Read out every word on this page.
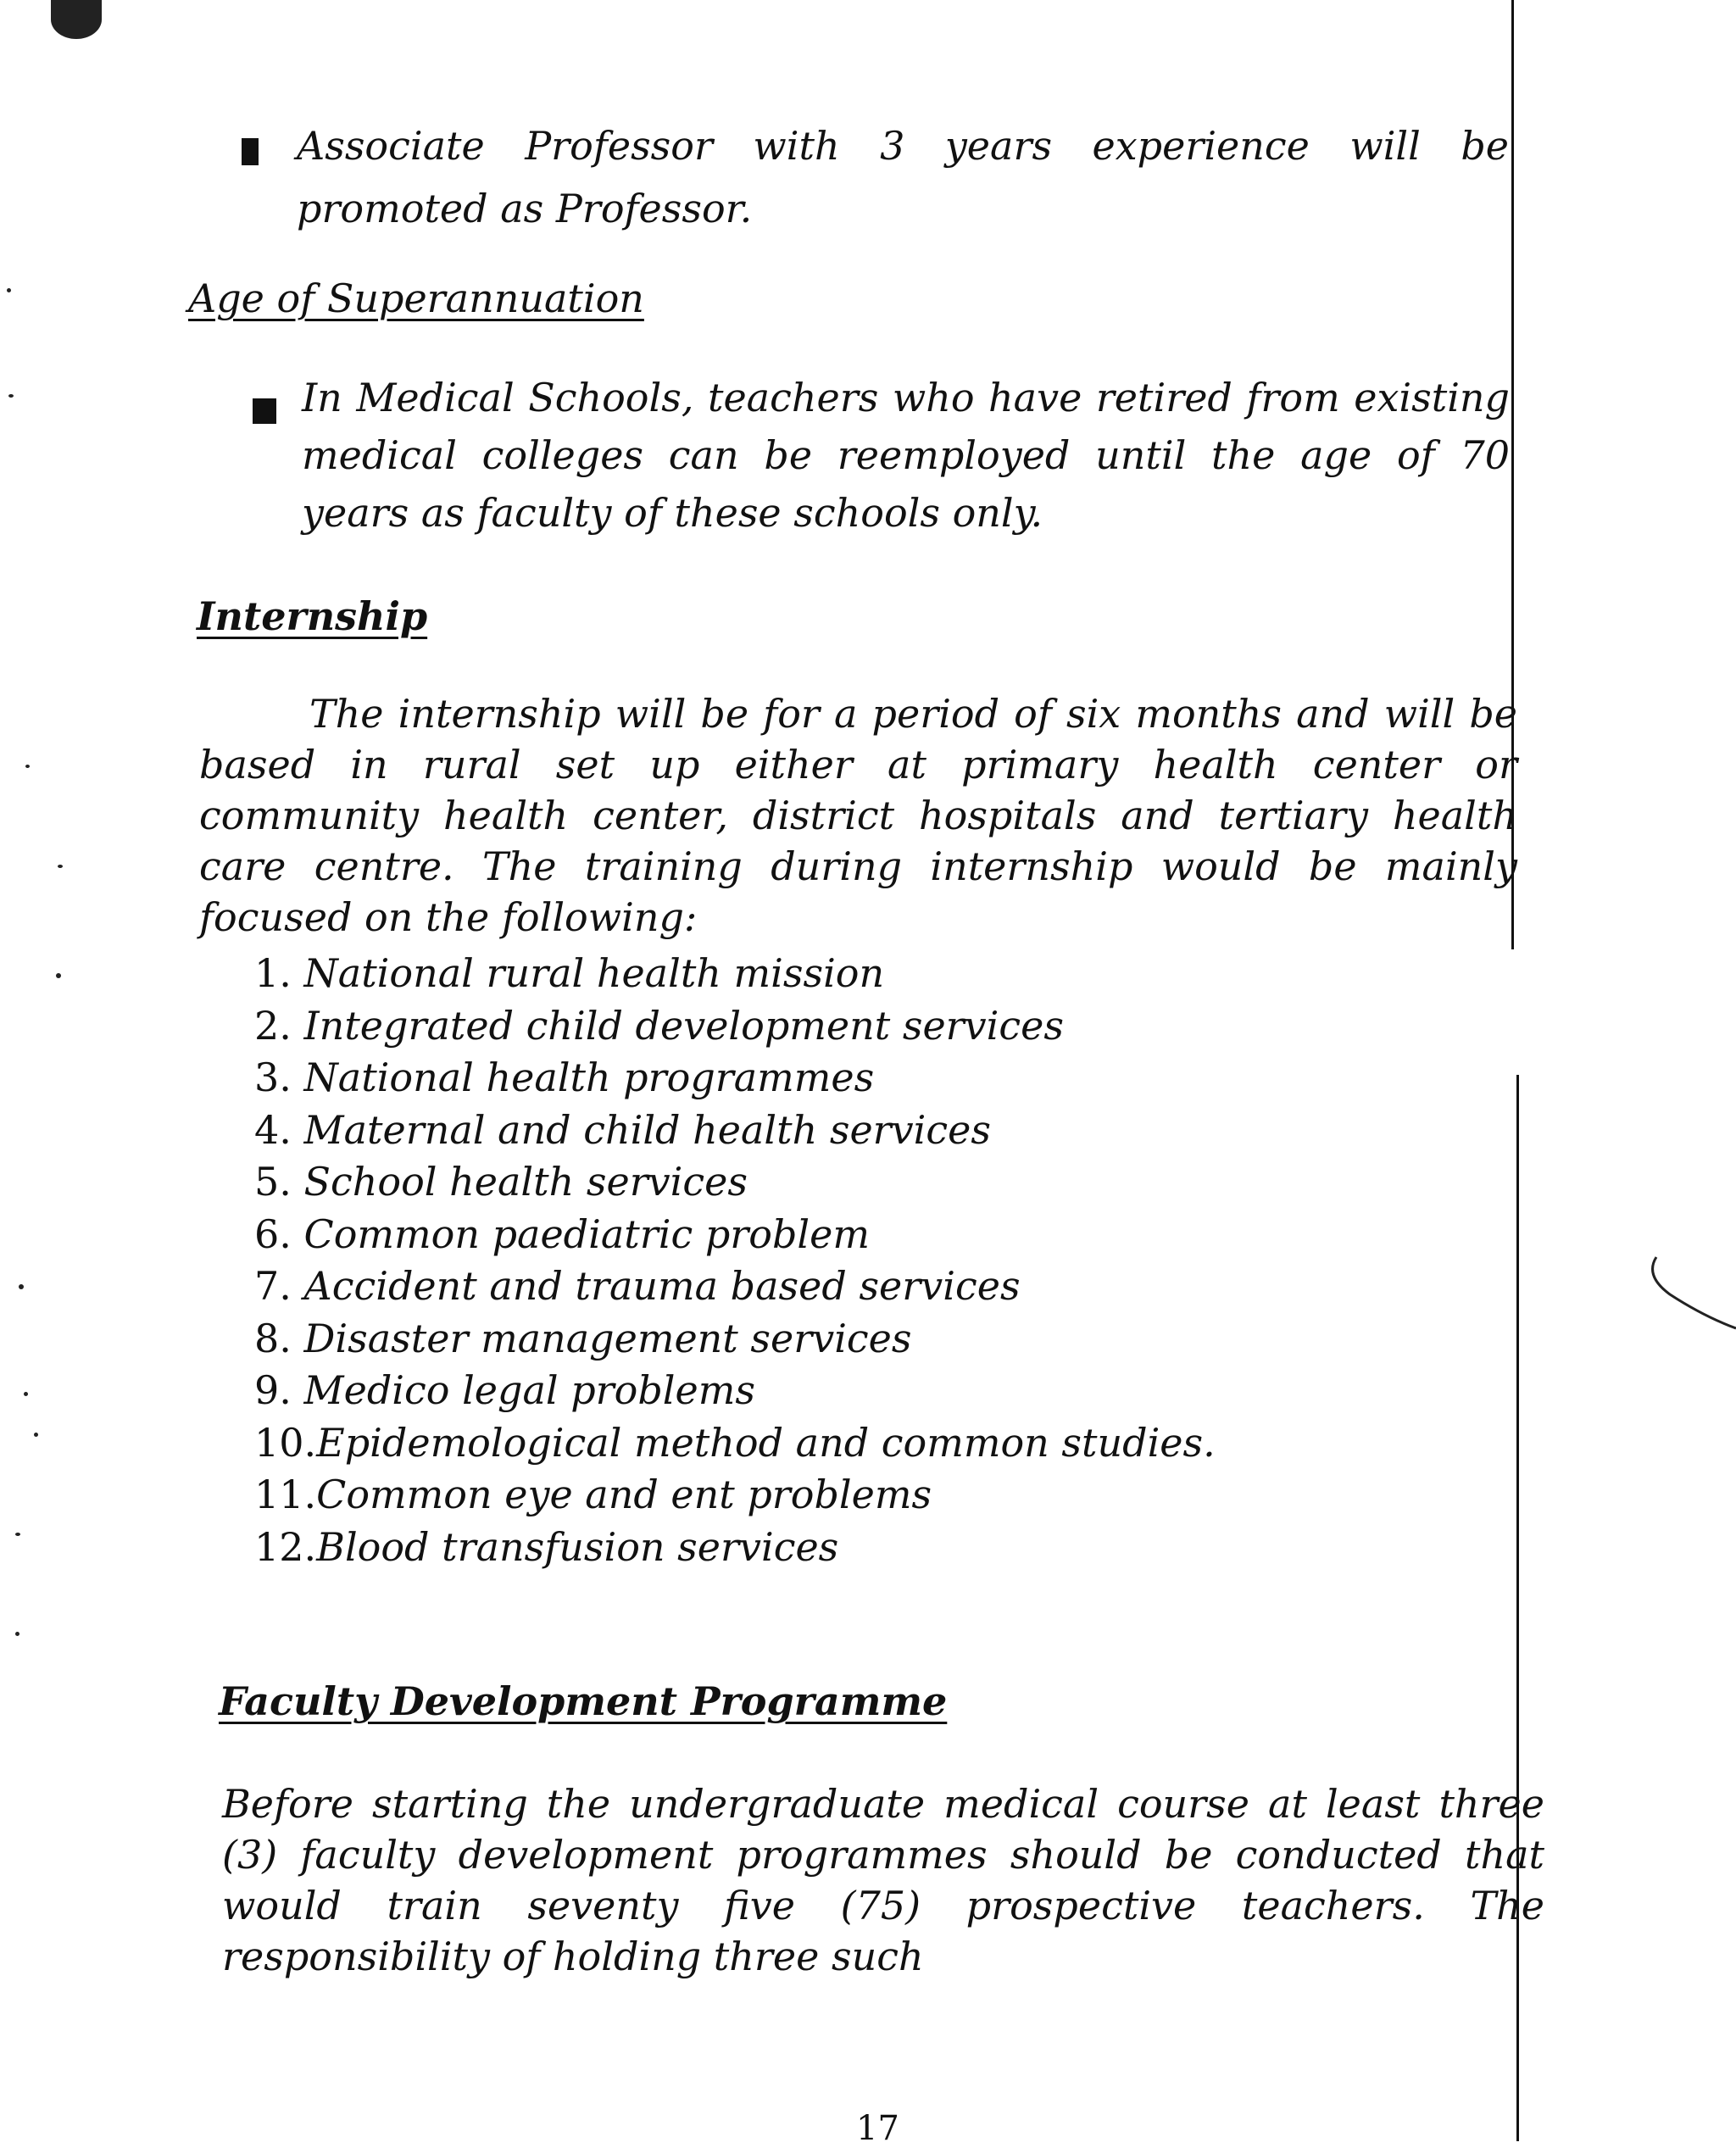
Associate Professor with 3 years experience will be promoted as Professor.
Age of Superannuation
In Medical Schools, teachers who have retired from existing medical colleges can be reemployed until the age of 70 years as faculty of these schools only.
Internship
The internship will be for a period of six months and will be based in rural set up either at primary health center or community health center, district hospitals and tertiary health care centre. The training during internship would be mainly focused on the following:
1. National rural health mission
2. Integrated child development services
3. National health programmes
4. Maternal and child health services
5. School health services
6. Common paediatric problem
7. Accident and trauma based services
8. Disaster management services
9. Medico legal problems
10.Epidemological method and common studies.
11.Common eye and ent problems
12.Blood transfusion services
Faculty Development Programme
Before starting the undergraduate medical course at least three (3) faculty development programmes should be conducted that would train seventy five (75) prospective teachers. The responsibility of holding three such
17
